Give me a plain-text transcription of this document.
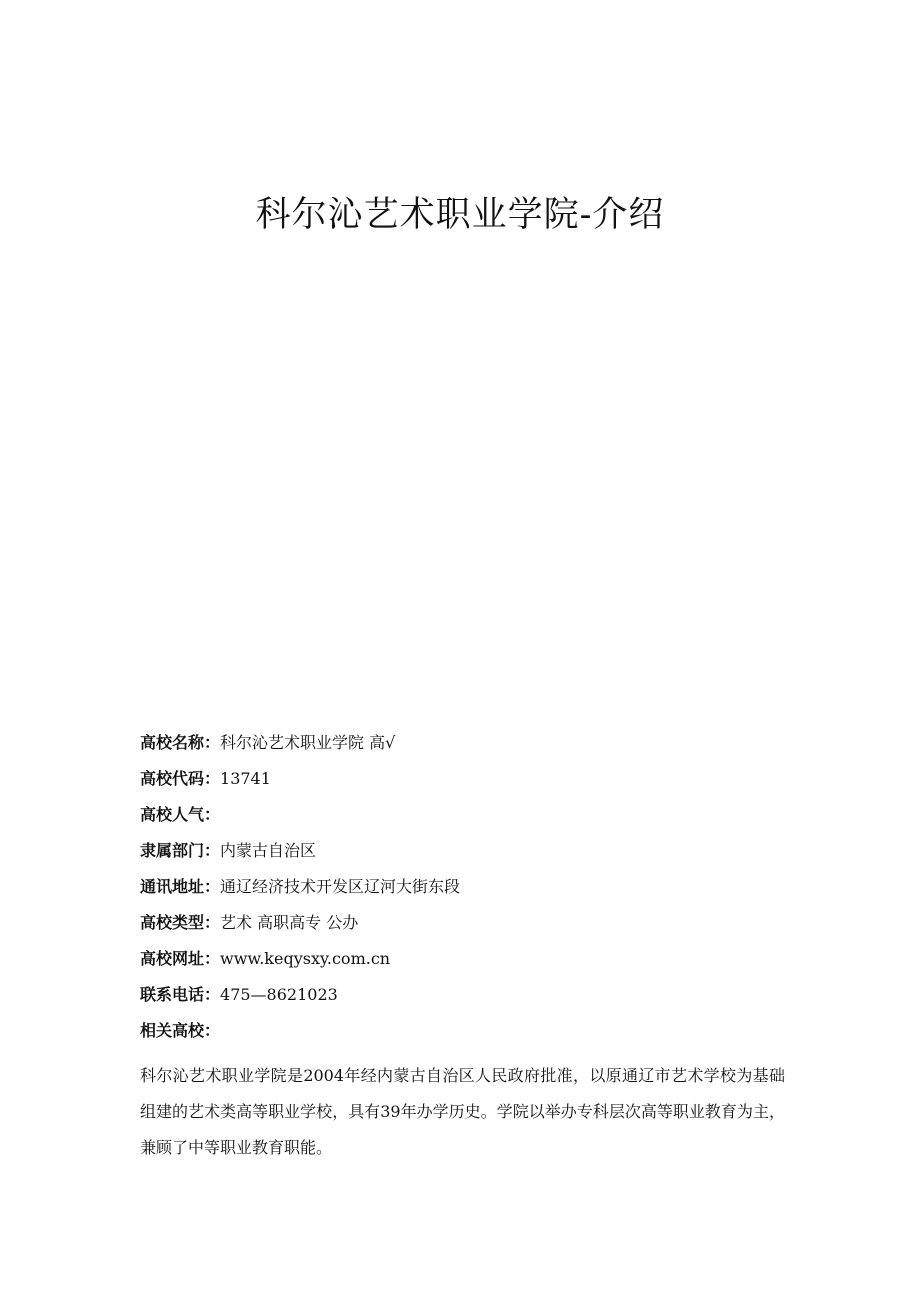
科尔沁艺术职业学院-介绍
高校名称：科尔沁艺术职业学院 高√
高校代码：13741
高校人气：
隶属部门：内蒙古自治区
通讯地址：通辽经济技术开发区辽河大街东段
高校类型：艺术 高职高专 公办
高校网址：www.keqysxy.com.cn
联系电话：475—8621023
相关高校：

科尔沁艺术职业学院是2004年经内蒙古自治区人民政府批准，以原通辽市艺术学校为基础组建的艺术类高等职业学校，具有39年办学历史。学院以举办专科层次高等职业教育为主，兼顾了中等职业教育职能。
